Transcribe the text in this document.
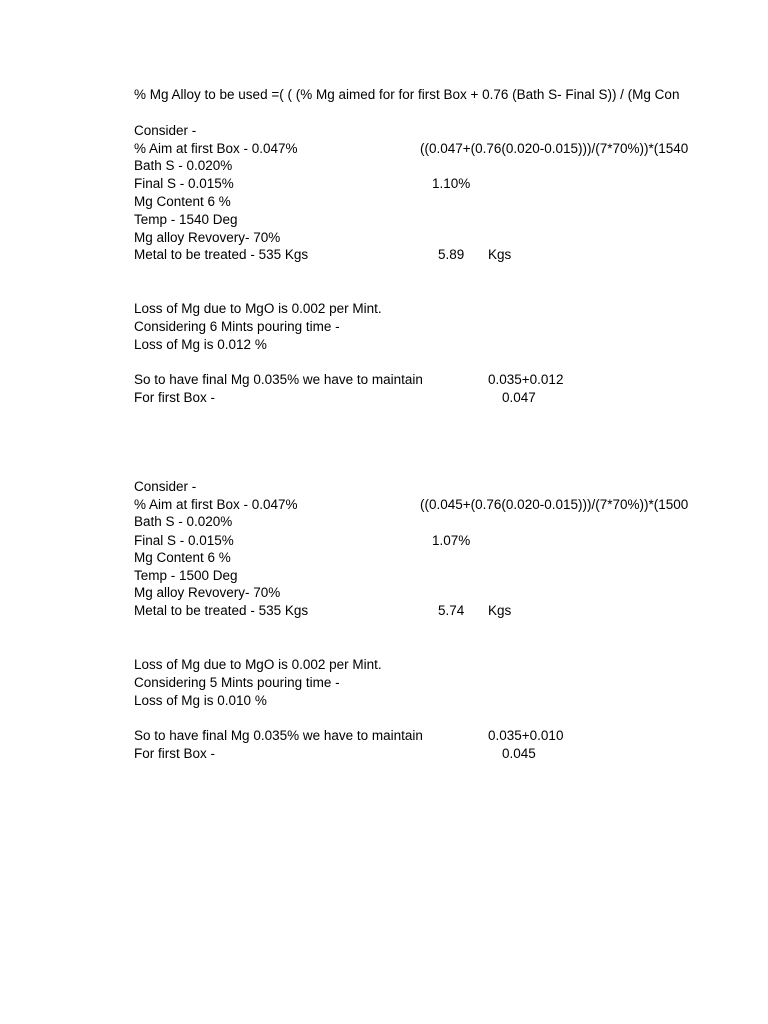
% Mg Alloy to be used =( ( (% Mg aimed for for first Box + 0.76 (Bath S- Final S)) / (Mg Con
Consider -
% Aim at first Box - 0.047%	((0.047+(0.76(0.020-0.015)))/(7*70%))*(1540
Bath S - 0.020%
Final S - 0.015%	1.10%
Mg Content 6 %
Temp - 1540 Deg
Mg alloy Revovery- 70%
Metal to be treated - 535 Kgs	5.89 Kgs
Loss of Mg due to MgO is 0.002 per Mint.
Considering 6 Mints pouring time -
Loss of Mg is 0.012 %
So to have final Mg 0.035% we have to maintain	0.035+0.012
For first Box -	0.047
Consider -
% Aim at first Box - 0.047%	((0.045+(0.76(0.020-0.015)))/(7*70%))*(1500
Bath S - 0.020%
Final S - 0.015%	1.07%
Mg Content 6 %
Temp - 1500 Deg
Mg alloy Revovery- 70%
Metal to be treated - 535 Kgs	5.74 Kgs
Loss of Mg due to MgO is 0.002 per Mint.
Considering 5 Mints pouring time -
Loss of Mg is 0.010 %
So to have final Mg 0.035% we have to maintain	0.035+0.010
For first Box -	0.045
